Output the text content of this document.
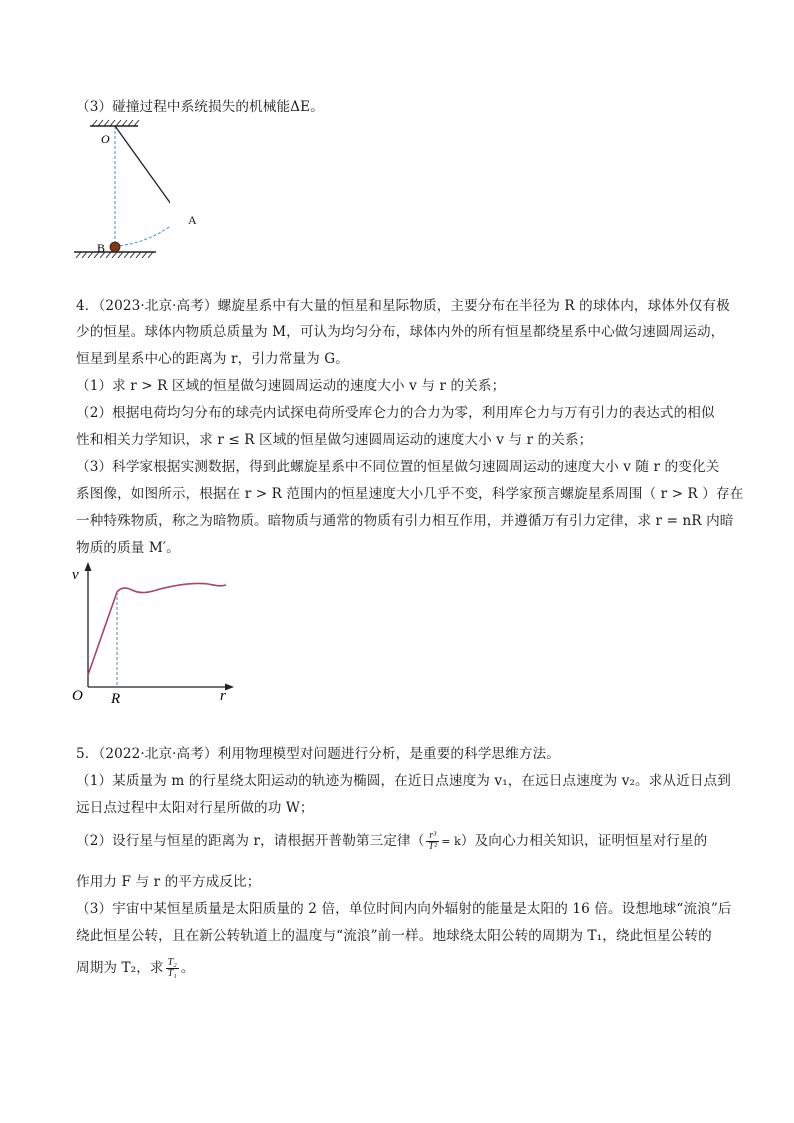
（3）碰撞过程中系统损失的机械能ΔE。
O
B
A
4．（2023·北京·高考）螺旋星系中有大量的恒星和星际物质，主要分布在半径为 R 的球体内，球体外仅有极
少的恒星。球体内物质总质量为 M，可认为均匀分布，球体内外的所有恒星都绕星系中心做匀速圆周运动，
恒星到星系中心的距离为 r，引力常量为 G。
（1）求 r > R 区域的恒星做匀速圆周运动的速度大小 v 与 r 的关系；
（2）根据电荷均匀分布的球壳内试探电荷所受库仑力的合力为零，利用库仑力与万有引力的表达式的相似
性和相关力学知识，求 r ≤ R 区域的恒星做匀速圆周运动的速度大小 v 与 r 的关系；
（3）科学家根据实测数据，得到此螺旋星系中不同位置的恒星做匀速圆周运动的速度大小 v 随 r 的变化关
系图像，如图所示，根据在 r > R 范围内的恒星速度大小几乎不变，科学家预言螺旋星系周围（ r > R ）存在
一种特殊物质，称之为暗物质。暗物质与通常的物质有引力相互作用，并遵循万有引力定律，求 r = nR 内暗
物质的质量 M′。
v
O R	r
5．（2022·北京·高考）利用物理模型对问题进行分析，是重要的科学思维方法。
（1）某质量为 m 的行星绕太阳运动的轨迹为椭圆，在近日点速度为 v₁，在远日点速度为 v₂。求从近日点到
远日点过程中太阳对行星所做的功 W；
（2）设行星与恒星的距离为 r，请根据开普勒第三定律（ $\frac{\text{r³}}{\text{T²}} = k$）及向心力相关知识，证明恒星对行星的
作用力 F 与 r 的平方成反比；
（3）宇宙中某恒星质量是太阳质量的 2 倍，单位时间内向外辐射的能量是太阳的 16 倍。设想地球“流浪”后
绕此恒星公转，且在新公转轨道上的温度与“流浪”前一样。地球绕太阳公转的周期为 T₁，绕此恒星公转的
周期为 T₂，求 $\frac{\text{T₂}}{\text{T₁}}$ 。
